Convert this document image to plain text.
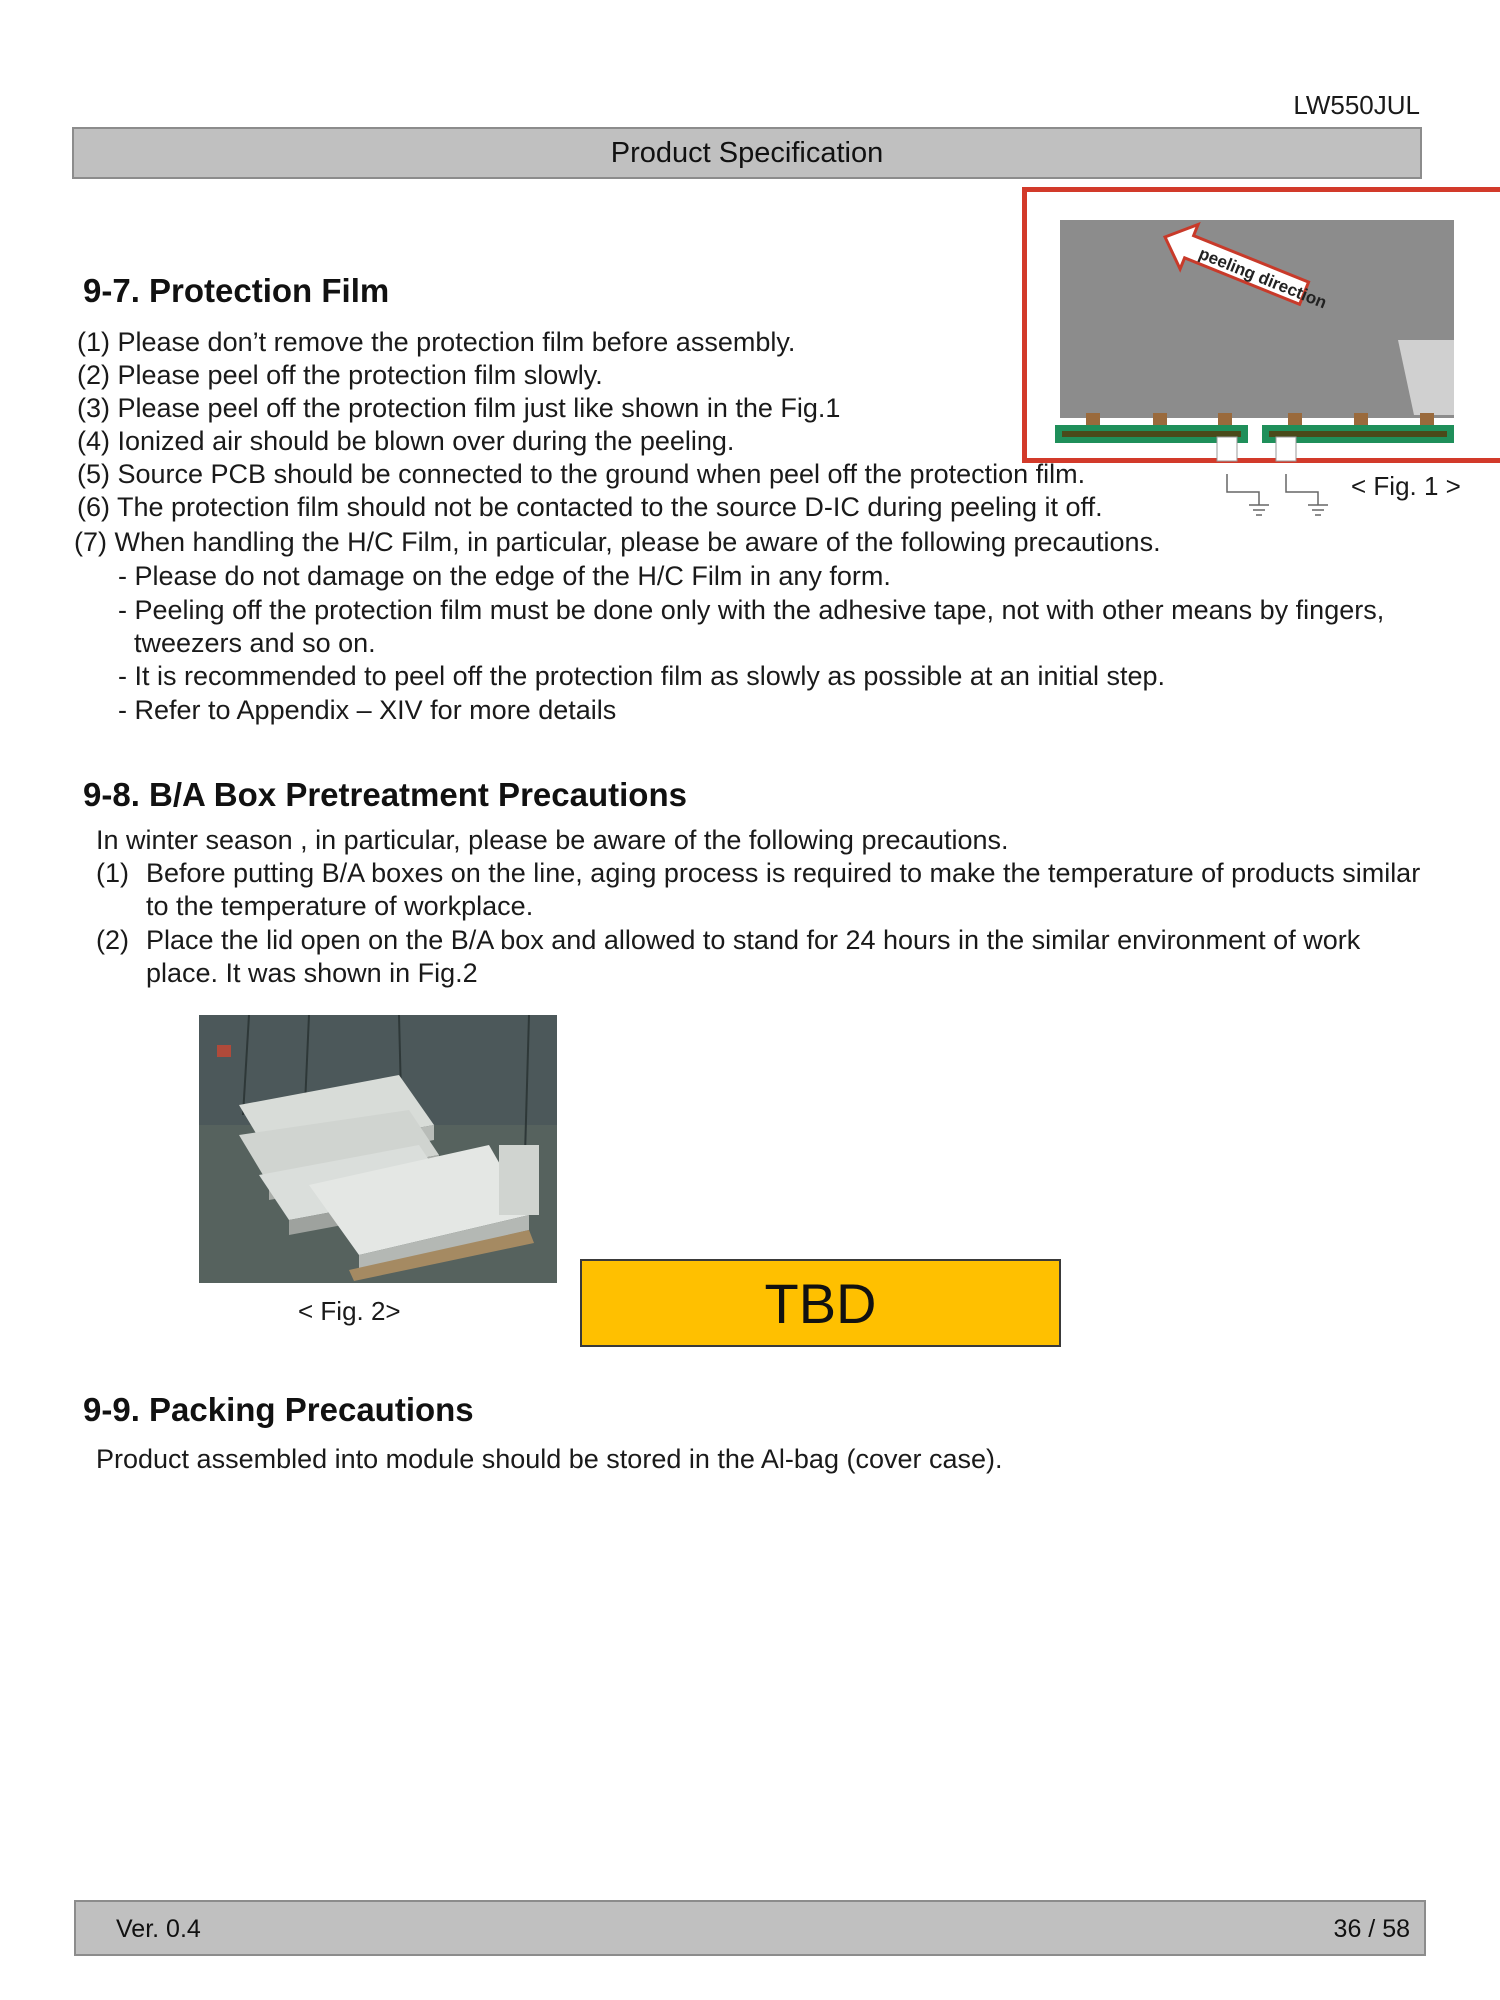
LW550JUL
Product Specification
9-7. Protection Film
(1) Please don’t remove the protection film before assembly.
(2) Please peel off the protection film slowly.
(3) Please peel off the protection film just like shown in the Fig.1
(4) Ionized air should be blown over during the peeling.
(5) Source PCB should be connected to the ground when peel off the protection film.
(6) The protection film should not be contacted to the source D-IC during peeling it off.
(7) When handling the H/C Film, in particular, please be aware of the following precautions.
- Please do not damage on the edge of the H/C Film in any form.
- Peeling off the protection film must be done only with the adhesive tape, not with other means by fingers,
tweezers and so on.
- It is recommended to peel off the protection film as slowly as possible at an initial step.
- Refer to Appendix – XIV for more details
peeling direction
< Fig. 1 >
9-8. B/A Box Pretreatment Precautions
In winter season , in particular, please be aware of the following precautions.
(1) Before putting B/A boxes on the line, aging process is required to make the temperature of products similar
to the temperature of workplace.
(2) Place the lid open on the B/A box and allowed to stand for 24 hours in the similar environment of work
place. It was shown in Fig.2
< Fig. 2>	TBD
9-9. Packing Precautions
Product assembled into module should be stored in the Al-bag (cover case).
Ver. 0.4	36 / 58
